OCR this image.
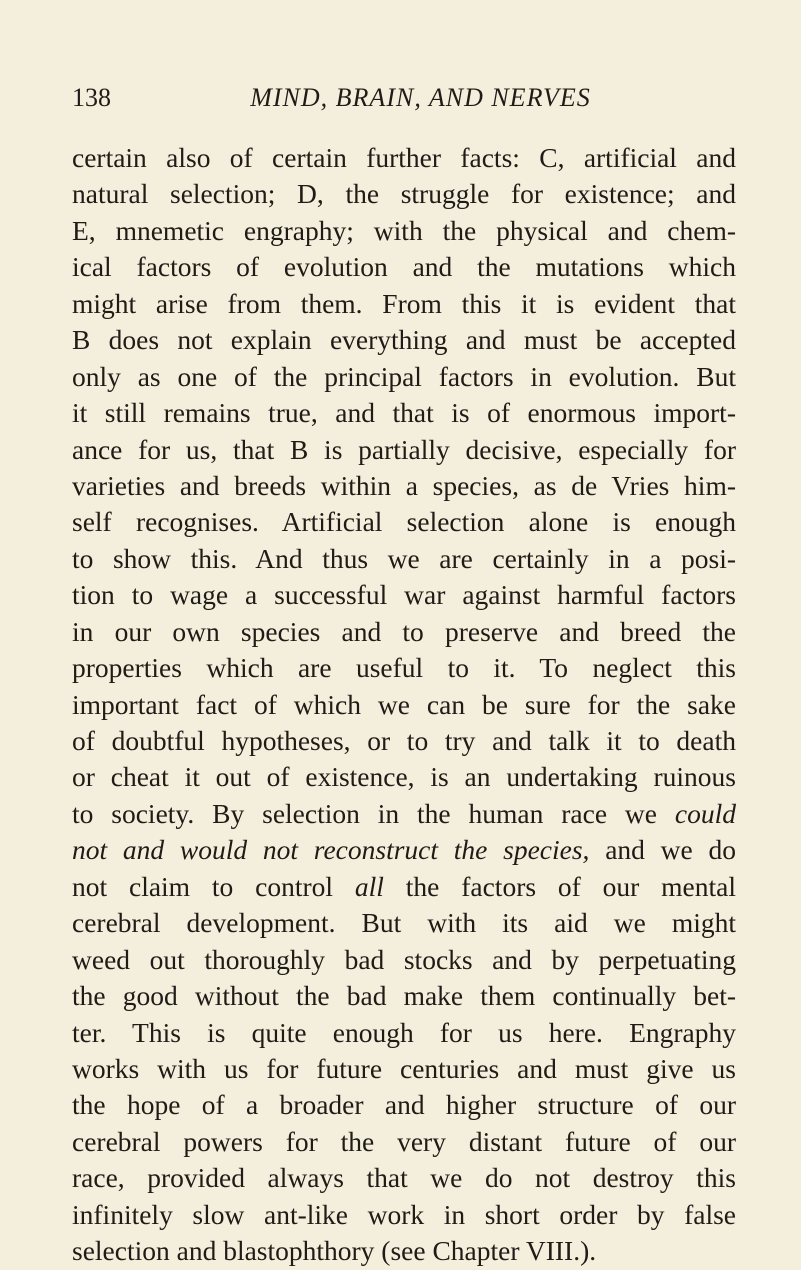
138	MIND, BRAIN, AND NERVES
certain also of certain further facts: C, artificial and
natural selection; D, the struggle for existence; and
E, mnemetic engraphy; with the physical and chem-
ical factors of evolution and the mutations which
might arise from them. From this it is evident that
B does not explain everything and must be accepted
only as one of the principal factors in evolution. But
it still remains true, and that is of enormous import-
ance for us, that B is partially decisive, especially for
varieties and breeds within a species, as de Vries him-
self recognises. Artificial selection alone is enough
to show this. And thus we are certainly in a posi-
tion to wage a successful war against harmful factors
in our own species and to preserve and breed the
properties which are useful to it. To neglect this
important fact of which we can be sure for the sake
of doubtful hypotheses, or to try and talk it to death
or cheat it out of existence, is an undertaking ruinous
to society. By selection in the human race we could
not and would not reconstruct the species, and we do
not claim to control all the factors of our mental
cerebral development. But with its aid we might
weed out thoroughly bad stocks and by perpetuating
the good without the bad make them continually bet-
ter. This is quite enough for us here. Engraphy
works with us for future centuries and must give us
the hope of a broader and higher structure of our
cerebral powers for the very distant future of our
race, provided always that we do not destroy this
infinitely slow ant-like work in short order by false
selection and blastophthory (see Chapter VIII.).
